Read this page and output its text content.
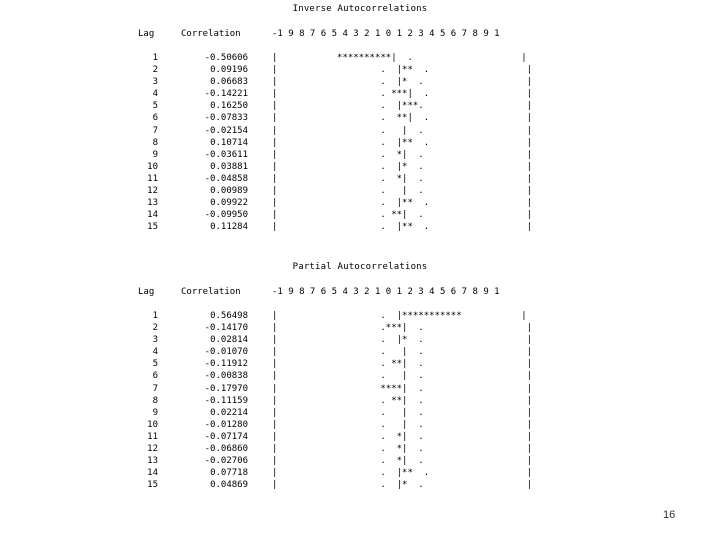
Inverse Autocorrelations
Lag	Correlation	-1 9 8 7 6 5 4 3 2 1 0 1 2 3 4 5 6 7 8 9 1
1	-0.50606	|           **********|  .                    |
2	0.09196	|                   .  |**  .                  |
3	0.06683	|                   .  |*  .                   |
4	-0.14221	|                   . ***|  .                  |
5	0.16250	|                   .  |***.                   |
6	-0.07833	|                   .  **|  .                  |
7	-0.02154	|                   .   |  .                   |
8	0.10714	|                   .  |**  .                  |
9	-0.03611	|                   .  *|  .                   |
10	0.03881	|                   .  |*  .                   |
11	-0.04858	|                   .  *|  .                   |
12	0.00989	|                   .   |  .                   |
13	0.09922	|                   .  |**  .                  |
14	-0.09950	|                   . **|  .                   |
15	0.11284	|                   .  |**  .                  |
Partial Autocorrelations
Lag	Correlation	-1 9 8 7 6 5 4 3 2 1 0 1 2 3 4 5 6 7 8 9 1
1	0.56498	|                   .  |***********           |
2	-0.14170	|                   .***|  .                   |
3	0.02814	|                   .  |*  .                   |
4	-0.01070	|                   .   |  .                   |
5	-0.11912	|                   . **|  .                   |
6	-0.00838	|                   .   |  .                   |
7	-0.17970	|                   ****|  .                   |
8	-0.11159	|                   . **|  .                   |
9	0.02214	|                   .   |  .                   |
10	-0.01280	|                   .   |  .                   |
11	-0.07174	|                   .  *|  .                   |
12	-0.06860	|                   .  *|  .                   |
13	-0.02706	|                   .  *|  .                   |
14	0.07718	|                   .  |**  .                  |
15	0.04869	|                   .  |*  .                   |
16
